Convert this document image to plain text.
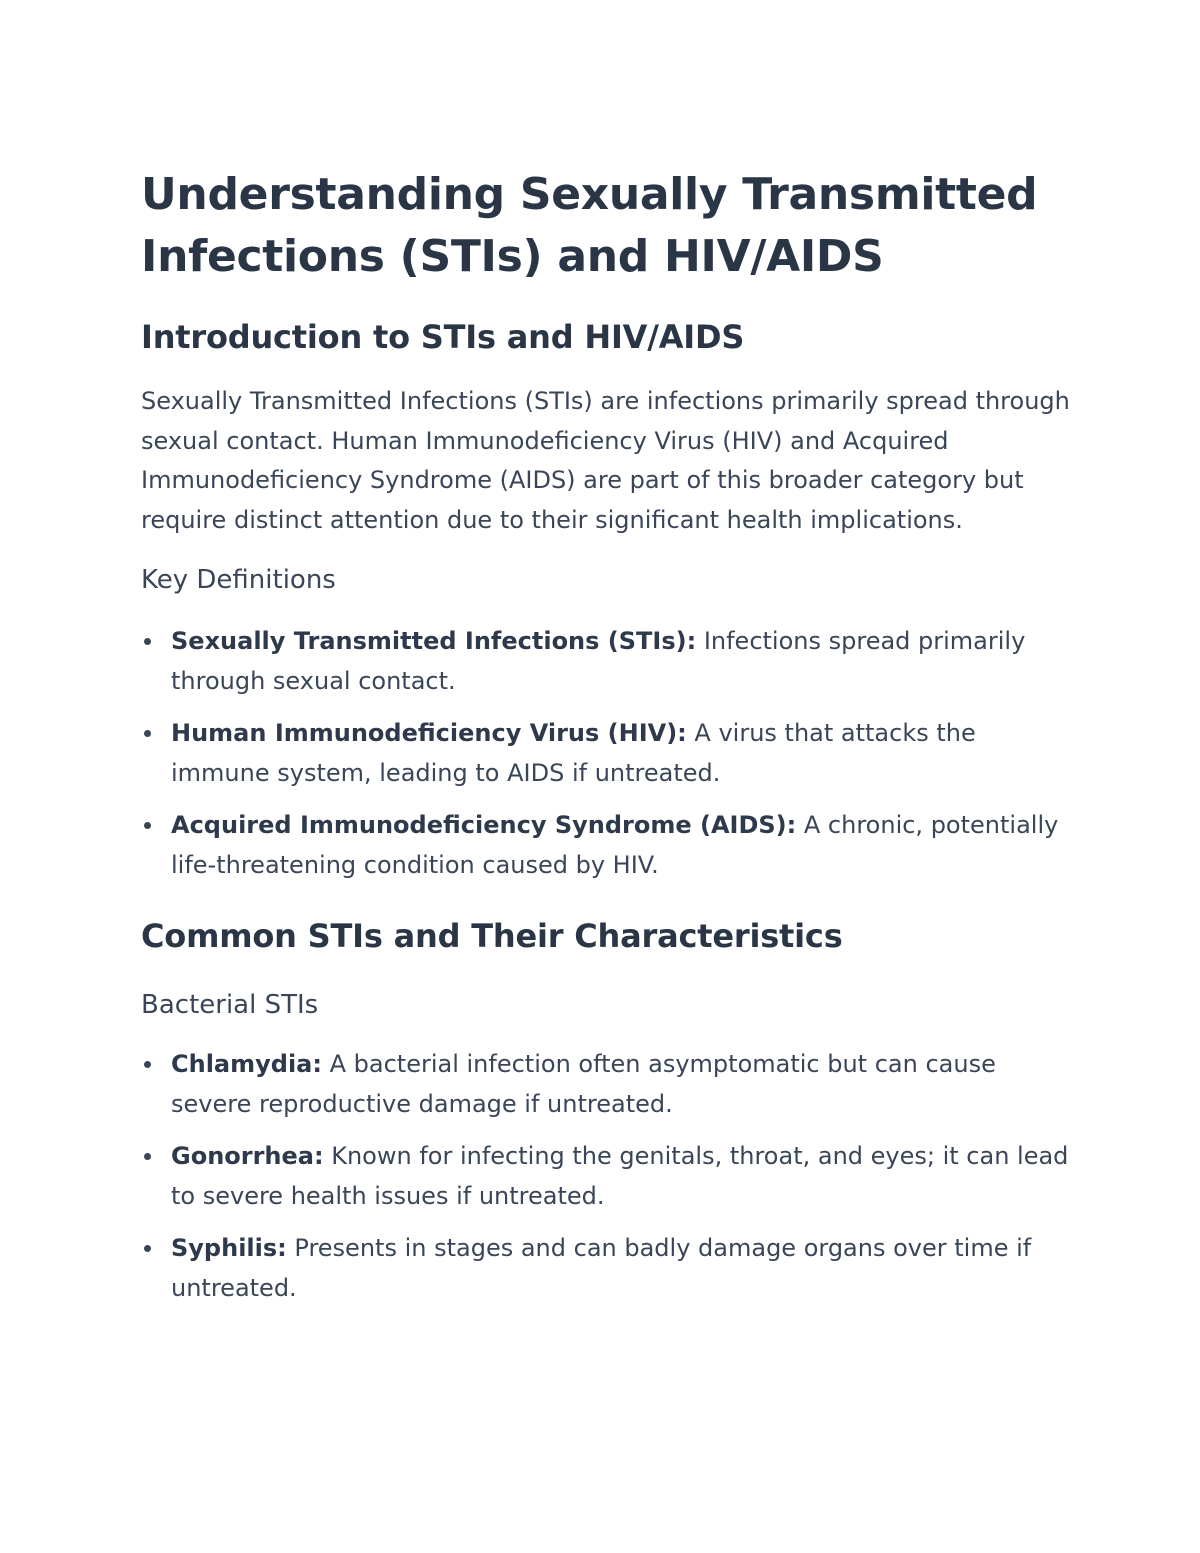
Understanding Sexually Transmitted
Infections (STIs) and HIV/AIDS
Introduction to STIs and HIV/AIDS

Sexually Transmitted Infections (STIs) are infections primarily spread through sexual contact. Human Immunodeficiency Virus (HIV) and Acquired Immunodeficiency Syndrome (AIDS) are part of this broader category but require distinct attention due to their significant health implications.

Key Definitions
Sexually Transmitted Infections (STIs): Infections spread primarily through sexual contact.
Human Immunodeficiency Virus (HIV): A virus that attacks the immune system, leading to AIDS if untreated.
Acquired Immunodeficiency Syndrome (AIDS): A chronic, potentially life-threatening condition caused by HIV.
Common STIs and Their Characteristics
Bacterial STIs
Chlamydia: A bacterial infection often asymptomatic but can cause severe reproductive damage if untreated.
Gonorrhea: Known for infecting the genitals, throat, and eyes; it can lead to severe health issues if untreated.
Syphilis: Presents in stages and can badly damage organs over time if untreated.
